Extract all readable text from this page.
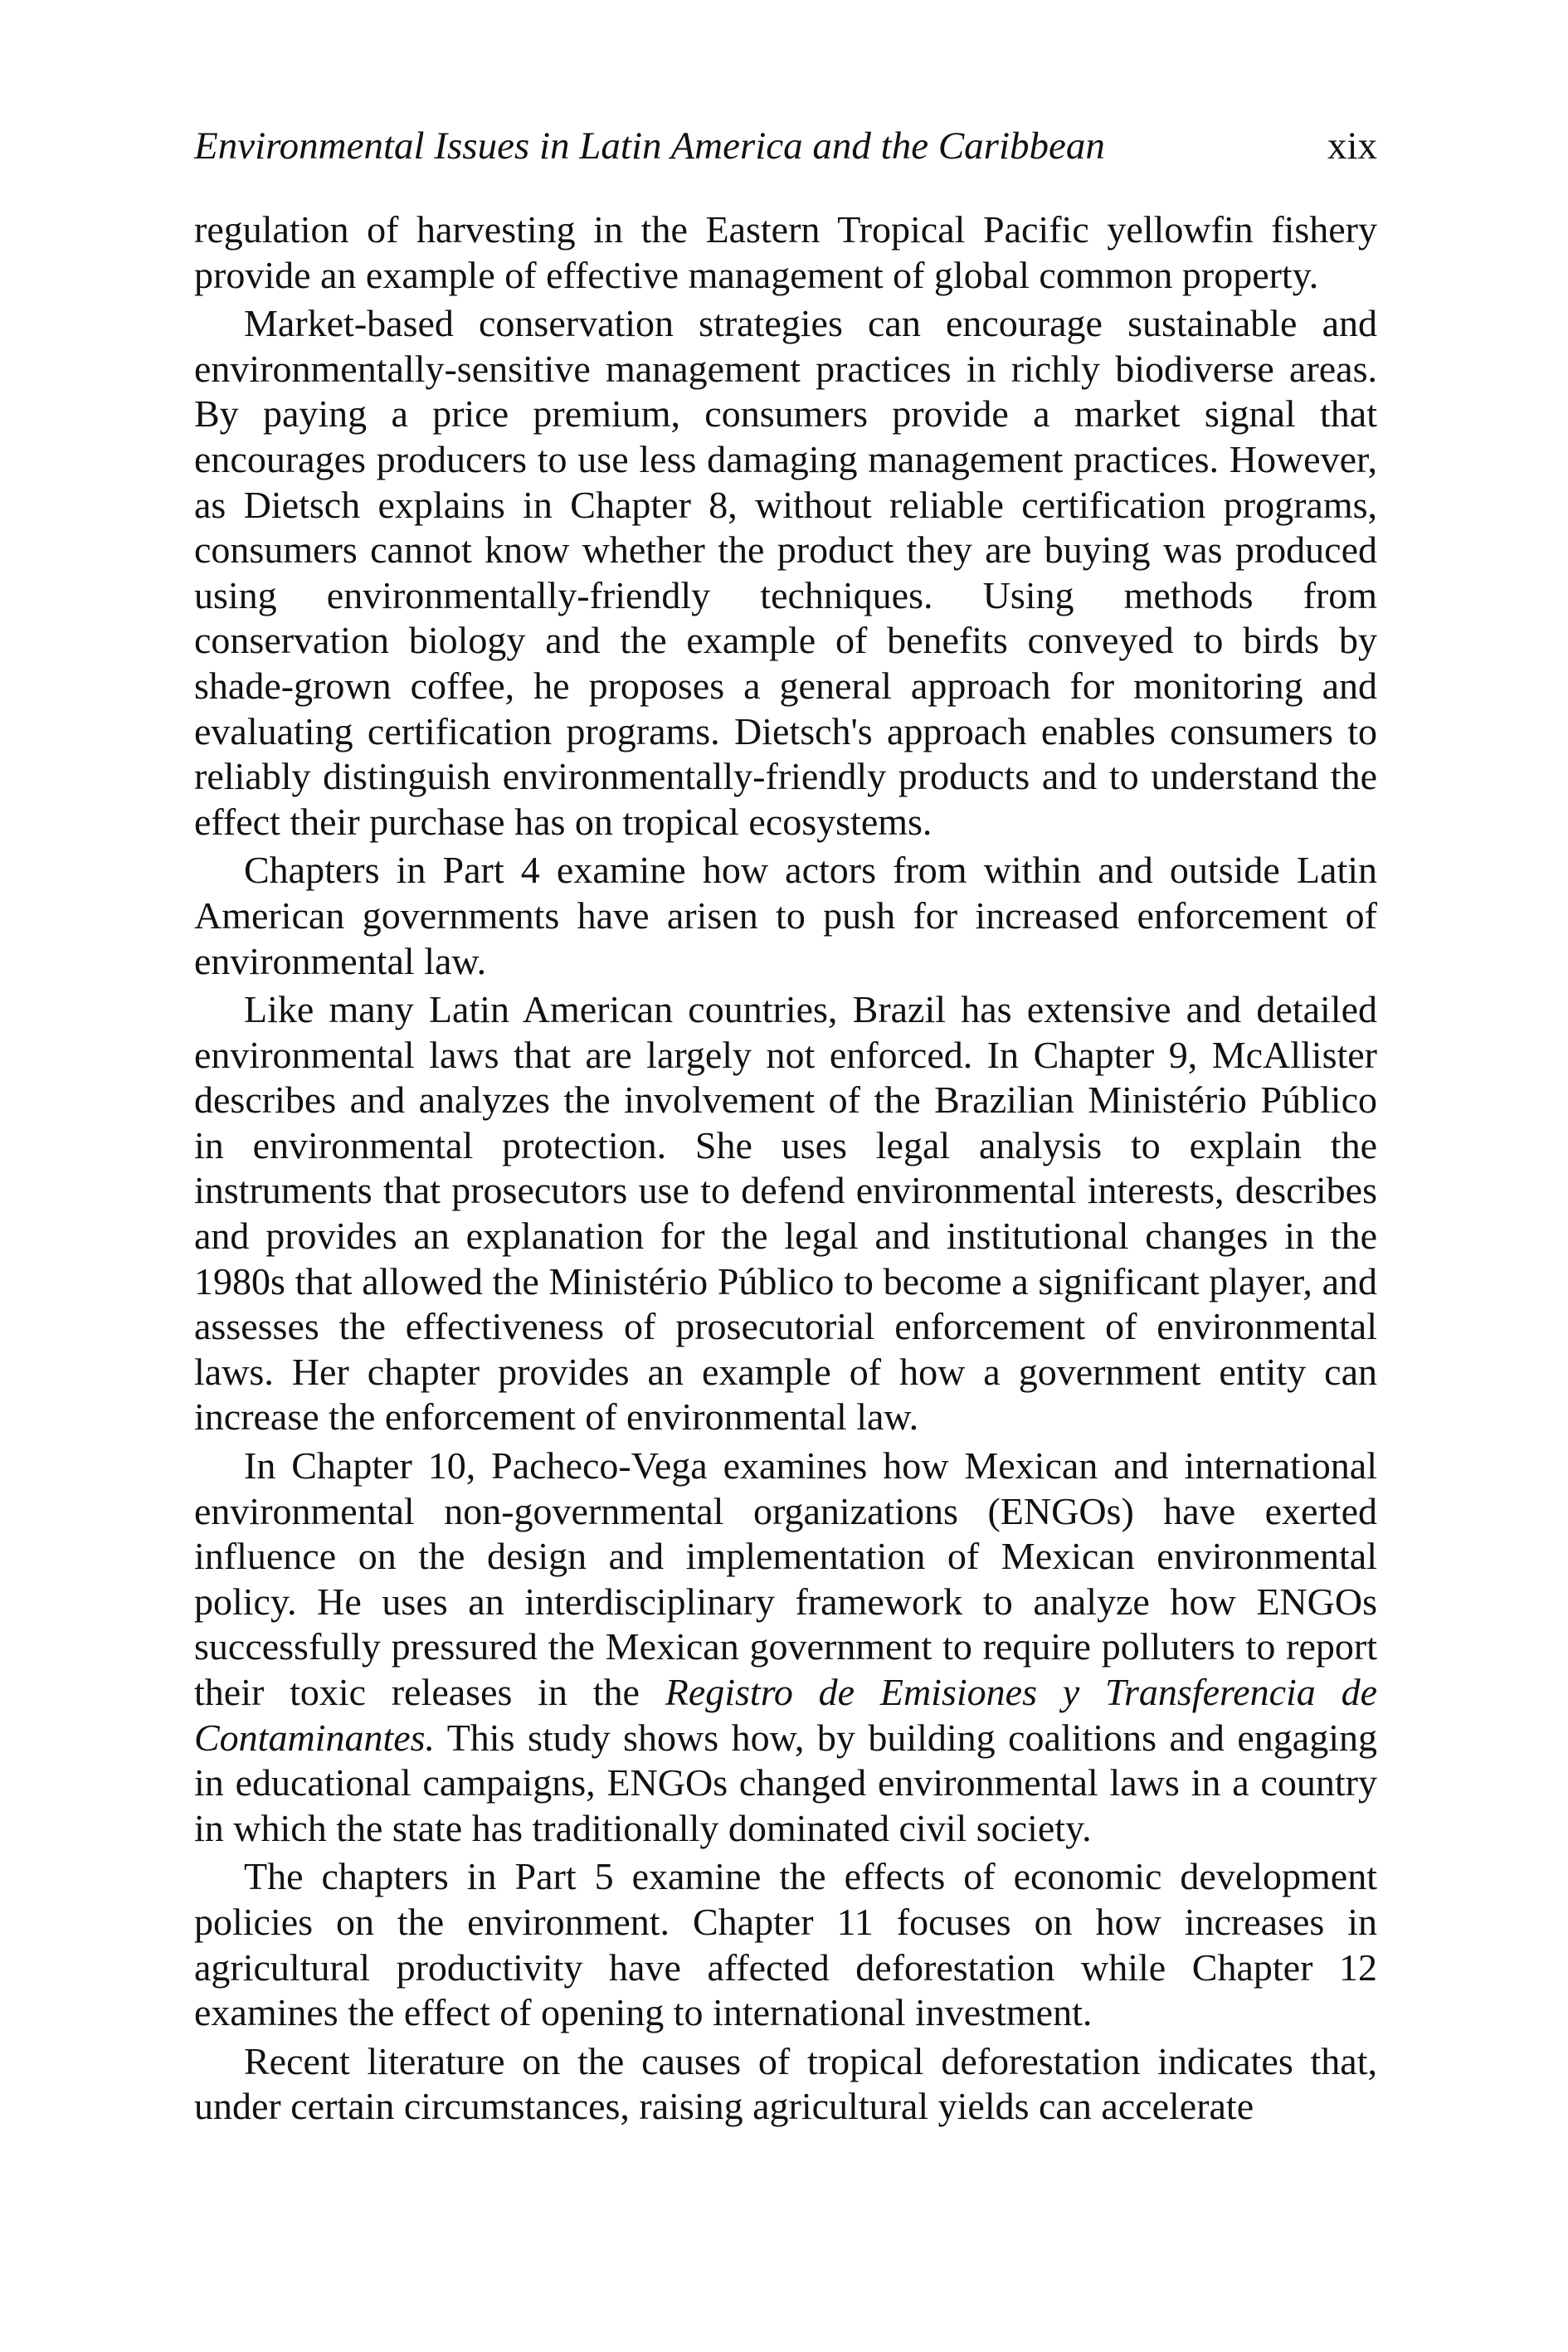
Environmental Issues in Latin America and the Caribbean	xix

regulation of harvesting in the Eastern Tropical Pacific yellowfin fishery provide an example of effective management of global common property.

Market-based conservation strategies can encourage sustainable and environmentally-sensitive management practices in richly biodiverse areas. By paying a price premium, consumers provide a market signal that encourages producers to use less damaging management practices. However, as Dietsch explains in Chapter 8, without reliable certification programs, consumers cannot know whether the product they are buying was produced using environmentally-friendly techniques. Using methods from conservation biology and the example of benefits conveyed to birds by shade-grown coffee, he proposes a general approach for monitoring and evaluating certification programs. Dietsch's approach enables consumers to reliably distinguish environmentally-friendly products and to understand the effect their purchase has on tropical ecosystems.

Chapters in Part 4 examine how actors from within and outside Latin American governments have arisen to push for increased enforcement of environmental law.

Like many Latin American countries, Brazil has extensive and detailed environmental laws that are largely not enforced. In Chapter 9, McAllister describes and analyzes the involvement of the Brazilian Ministério Público in environmental protection. She uses legal analysis to explain the instruments that prosecutors use to defend environmental interests, describes and provides an explanation for the legal and institutional changes in the 1980s that allowed the Ministério Público to become a significant player, and assesses the effectiveness of prosecutorial enforcement of environmental laws. Her chapter provides an example of how a government entity can increase the enforcement of environmental law.

In Chapter 10, Pacheco-Vega examines how Mexican and international environmental non-governmental organizations (ENGOs) have exerted influence on the design and implementation of Mexican environmental policy. He uses an interdisciplinary framework to analyze how ENGOs successfully pressured the Mexican government to require polluters to report their toxic releases in the Registro de Emisiones y Transferencia de Contaminantes. This study shows how, by building coalitions and engaging in educational campaigns, ENGOs changed environmental laws in a country in which the state has traditionally dominated civil society.

The chapters in Part 5 examine the effects of economic development policies on the environment. Chapter 11 focuses on how increases in agricultural productivity have affected deforestation while Chapter 12 examines the effect of opening to international investment.

Recent literature on the causes of tropical deforestation indicates that, under certain circumstances, raising agricultural yields can accelerate
